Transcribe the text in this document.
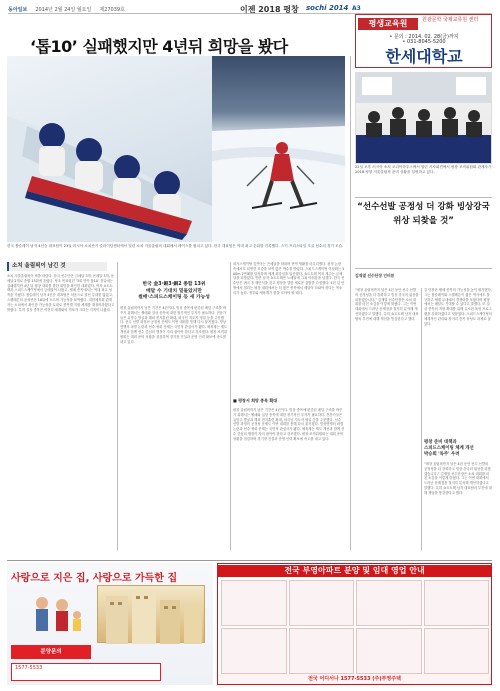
동아일보 2014년 2월 24일 월요일 제27039호	이젠 2018 평창 sochi 2014 A3
‘톱10’ 실패했지만 4년뒤 희망을 봤다
평생교육원	원광문학 국제교류원 센터
• 문의 : 2014. 02. 28(금)까지
• 031-8045-5200
한세대학교
한국 봅슬레이 남자 4인승 대표팀이 23일 러시아 소치산키 슬라이딩센터에서 열린 소치 겨울올림픽 대회에서 레이스를 펼치고 있다. 한국 대표팀은 역대 최고 순위를 기록했다. 스키 프리스타일 모굴 선수의 경기 모습.
22일 오후 러시아 소치 코리아하우스에서 열린 기자회견에서 평창 조직위원회 관계자가 2018 평창 겨울올림픽 준비 상황을 설명하고 있다.
“선수선발 공정성 더 강화 빙상강국 위상 되찾을 것”
김재열 선수단장 인터뷰
소치 올림픽이 남긴 것
소치 겨울올림픽이 막을 내렸다. 한국 선수단은 금메달 3개, 은메달 3개, 동메달 2개로 종합 13위에 올랐다. 당초 목표였던 ‘3회 연속 톱10’ 진입에는 실패했지만 4년 뒤 평창 대회를 향한 희망을 확인한 대회였다. 여자 쇼트트랙과 스피드스케이팅에서 금메달이 나왔고, 썰매 종목에서는 역대 최고 성적을 거뒀다. 봅슬레이 남자 4인승 대표팀은 처음으로 결선 무대를 밟았고, 스켈레톤의 윤성빈은 16위에 오르며 가능성을 보여줬다. 대한체육회 관계자는 소치에서 확인한 가능성을 토대로 종목별 지원 체계를 재정비하겠다고 밝혔다. 특히 설상 종목은 여전히 세계와의 격차가 크다는 지적이 나왔다.	평창 올림픽까지 남은 기간은 4년이다. 빙상 종목에 편중된 메달 구조를 바꾸기 위해서는 썰매와 설상 종목에 대한 장기적인 투자가 필요하다. 전문가들은 유망주 발굴과 해외 전지훈련 확대, 외국인 지도자 영입 등을 주문했다. 선수 선발 과정의 공정성 문제도 이번 대회를 통해 다시 불거졌다. 빙상연맹의 파벌 논란과 선수 귀화 문제는 국민적 관심사가 됐다. 체육계는 제도 개선과 함께 선수 중심의 행정이 자리 잡아야 한다고 강조했다. 평창 조직위원회는 대회 준비 상황을 점검하며 경기장 건설과 운영 인력 확보에 속도를 내고 있다.
한국 金3·銀3·銅2 종합 13위
메달 수 기대치 밑돌았지만
썰매·스피드스케이팅 등 새 가능성
피겨스케이팅 김연아는 은메달을 따내며 현역 생활을 마무리했다. 판정 논란 속에서도 의연한 모습을 보여 많은 박수를 받았다. 스피드스케이팅 이상화는 500m 2연패를 달성하며 세계 최강임을 입증했다. 쇼트트랙 여자 계주는 금메달을 되찾았다. 반면 남자 쇼트트랙은 노메달에 그쳐 아쉬움을 남겼다. 한국 선수단은 귀국 후 해단식을 갖고 평창을 향한 새로운 출발을 다짐했다. 4년 뒤 안방에서 열리는 평창 대회에서는 더 많은 종목에서 메달이 나와야 한다는 목소리가 높다. 정부와 체육계가 힘을 모아야 할 때다.
■ 평창서 희망 종목 확대
평창 올림픽까지 남은 기간은 4년이다. 빙상 종목에 편중된 메달 구조를 바꾸기 위해서는 썰매와 설상 종목에 대한 장기적인 투자가 필요하다. 전문가들은 유망주 발굴과 해외 전지훈련 확대, 외국인 지도자 영입 등을 주문했다. 선수 선발 과정의 공정성 문제도 이번 대회를 통해 다시 불거졌다. 빙상연맹의 파벌 논란과 선수 귀화 문제는 국민적 관심사가 됐다. 체육계는 제도 개선과 함께 선수 중심의 행정이 자리 잡아야 한다고 강조했다. 평창 조직위원회는 대회 준비 상황을 점검하며 경기장 건설과 운영 인력 확보에 속도를 내고 있다.
“평창 올림픽까지 남은 4년 동안 선수 선발의 공정성을 더 강화하고 빙상 강국의 위상을 되찾겠습니다.” 김재열 선수단장은 소치 대회를 마친 소감을 이렇게 밝혔다. 그는 이번 대회에서 드러난 문제점을 철저히 분석해 개선하겠다고 말했다. 특히 쇼트트랙 남자 대표팀의 부진에 대해 책임을 통감한다고 했다.
김 단장은 썰매 종목의 가능성을 높이 평가했다. 그는 봅슬레이와 스켈레톤이 짧은 역사에도 불구하고 세계 무대에서 경쟁력을 보였다며 평창에서는 메달도 기대할 수 있다고 말했다. 또 설상 종목의 저변 확대를 위해 유소년 육성 프로그램을 강화하겠다고 덧붙였다. 스피드스케이팅의 체계적인 관리와 장거리 종목 육성도 과제로 꼽았다.
평창 준비 대책과
스피드스케이팅 체계 개선
박승희 '독주' 우려
“평창 올림픽까지 남은 4년 동안 선수 선발의 공정성을 더 강화하고 빙상 강국의 위상을 되찾겠습니다.” 김재열 선수단장은 소치 대회를 마친 소감을 이렇게 밝혔다. 그는 이번 대회에서 드러난 문제점을 철저히 분석해 개선하겠다고 말했다. 특히 쇼트트랙 남자 대표팀의 부진에 대해 책임을 통감한다고 했다.
사랑으로 지은 집, 사랑으로 가득한 집
분양문의
1577-5533
전국 부영아파트 분양 및 임대 영업 안내
전국 어디서나 1577-5533 (주)부영주택
